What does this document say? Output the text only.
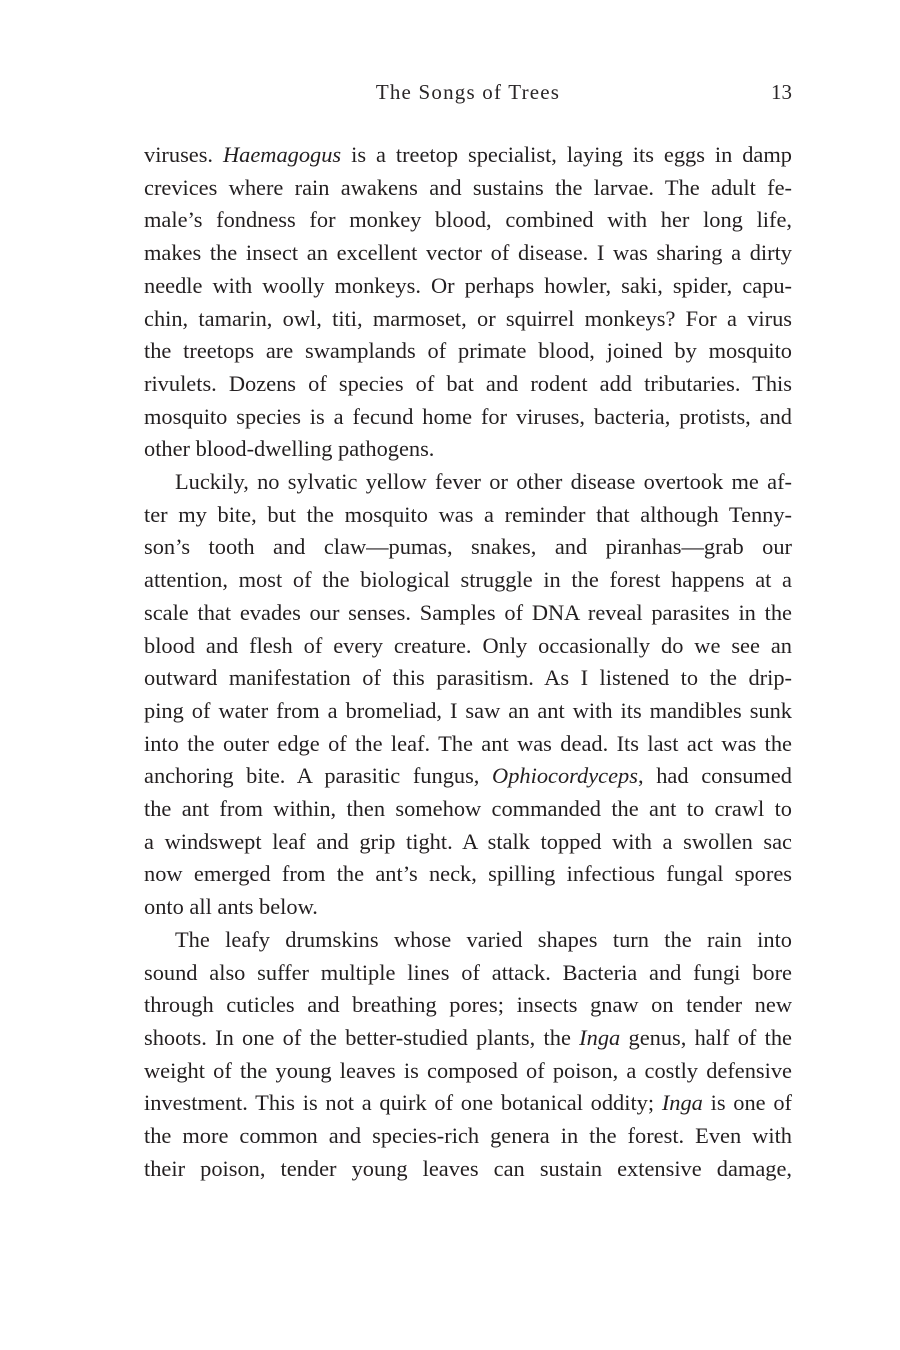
The Songs of Trees	13
viruses. Haemagogus is a treetop specialist, laying its eggs in damp
crevices where rain awakens and sustains the larvae. The adult fe-
male’s fondness for monkey blood, combined with her long life,
makes the insect an excellent vector of disease. I was sharing a dirty
needle with woolly monkeys. Or perhaps howler, saki, spider, capu-
chin, tamarin, owl, titi, marmoset, or squirrel monkeys? For a virus
the treetops are swamplands of primate blood, joined by mosquito
rivulets. Dozens of species of bat and rodent add tributaries. This
mosquito species is a fecund home for viruses, bacteria, protists, and
other blood-dwelling pathogens.
Luckily, no sylvatic yellow fever or other disease overtook me af-
ter my bite, but the mosquito was a reminder that although Tenny-
son’s tooth and claw—pumas, snakes, and piranhas—grab our
attention, most of the biological struggle in the forest happens at a
scale that evades our senses. Samples of DNA reveal parasites in the
blood and flesh of every creature. Only occasionally do we see an
outward manifestation of this parasitism. As I listened to the drip-
ping of water from a bromeliad, I saw an ant with its mandibles sunk
into the outer edge of the leaf. The ant was dead. Its last act was the
anchoring bite. A parasitic fungus, Ophiocordyceps, had consumed
the ant from within, then somehow commanded the ant to crawl to
a windswept leaf and grip tight. A stalk topped with a swollen sac
now emerged from the ant’s neck, spilling infectious fungal spores
onto all ants below.
The leafy drumskins whose varied shapes turn the rain into
sound also suffer multiple lines of attack. Bacteria and fungi bore
through cuticles and breathing pores; insects gnaw on tender new
shoots. In one of the better-studied plants, the Inga genus, half of the
weight of the young leaves is composed of poison, a costly defensive
investment. This is not a quirk of one botanical oddity; Inga is one of
the more common and species-rich genera in the forest. Even with
their poison, tender young leaves can sustain extensive damage,
